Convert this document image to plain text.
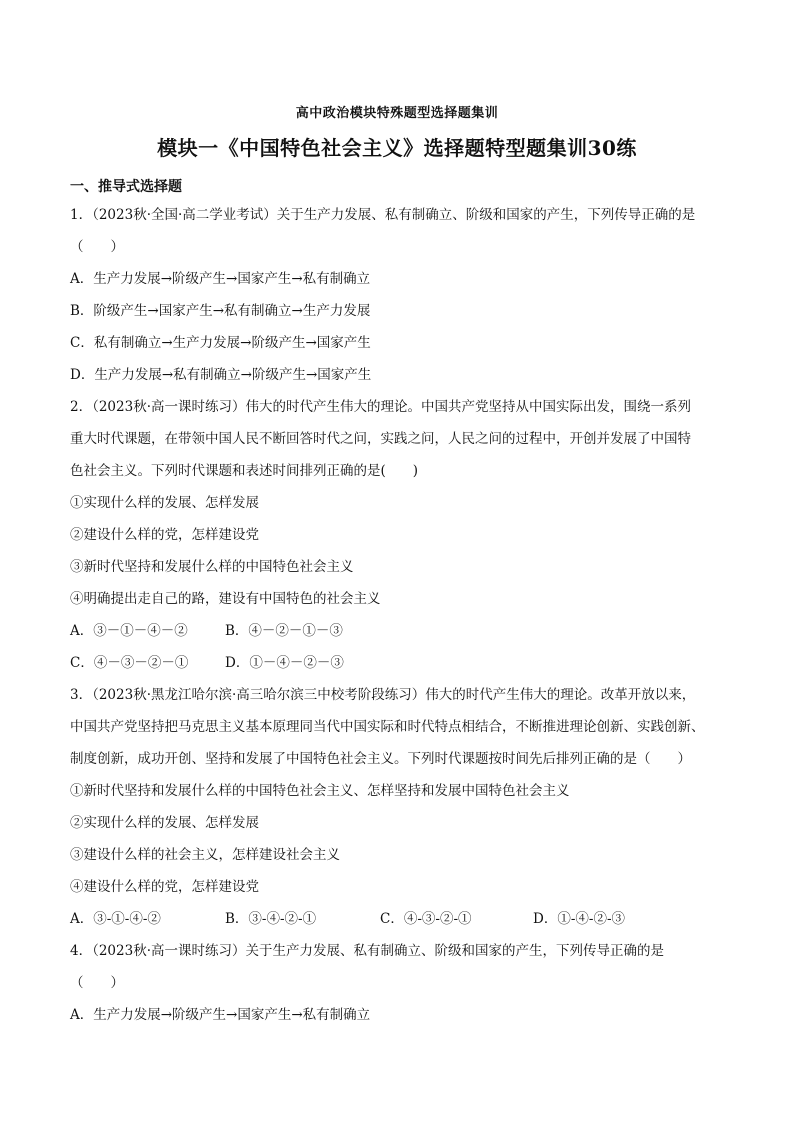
高中政治模块特殊题型选择题集训
模块一《中国特色社会主义》选择题特型题集训30练
一、推导式选择题
1．（2023秋·全国·高二学业考试）关于生产力发展、私有制确立、阶级和国家的产生，下列传导正确的是
（　　）
A．生产力发展→阶级产生→国家产生→私有制确立
B．阶级产生→国家产生→私有制确立→生产力发展
C．私有制确立→生产力发展→阶级产生→国家产生
D．生产力发展→私有制确立→阶级产生→国家产生
2．（2023秋·高一课时练习）伟大的时代产生伟大的理论。中国共产党坚持从中国实际出发，围绕一系列
重大时代课题，在带领中国人民不断回答时代之问，实践之问，人民之问的过程中，开创并发展了中国特
色社会主义。下列时代课题和表述时间排列正确的是(　　)
①实现什么样的发展、怎样发展
②建设什么样的党，怎样建设党
③新时代坚持和发展什么样的中国特色社会主义
④明确提出走自己的路，建设有中国特色的社会主义
A．③－①－④－②	B．④－②－①－③
C．④－③－②－①	D．①－④－②－③
3．（2023秋·黑龙江哈尔滨·高三哈尔滨三中校考阶段练习）伟大的时代产生伟大的理论。改革开放以来，
中国共产党坚持把马克思主义基本原理同当代中国实际和时代特点相结合，不断推进理论创新、实践创新、
制度创新，成功开创、坚持和发展了中国特色社会主义。下列时代课题按时间先后排列正确的是（　　）
①新时代坚持和发展什么样的中国特色社会主义、怎样坚持和发展中国特色社会主义
②实现什么样的发展、怎样发展
③建设什么样的社会主义，怎样建设社会主义
④建设什么样的党，怎样建设党
A．③-①-④-②	B．③-④-②-①	C．④-③-②-①	D．①-④-②-③
4．（2023秋·高一课时练习）关于生产力发展、私有制确立、阶级和国家的产生，下列传导正确的是
（　　）
A．生产力发展→阶级产生→国家产生→私有制确立
